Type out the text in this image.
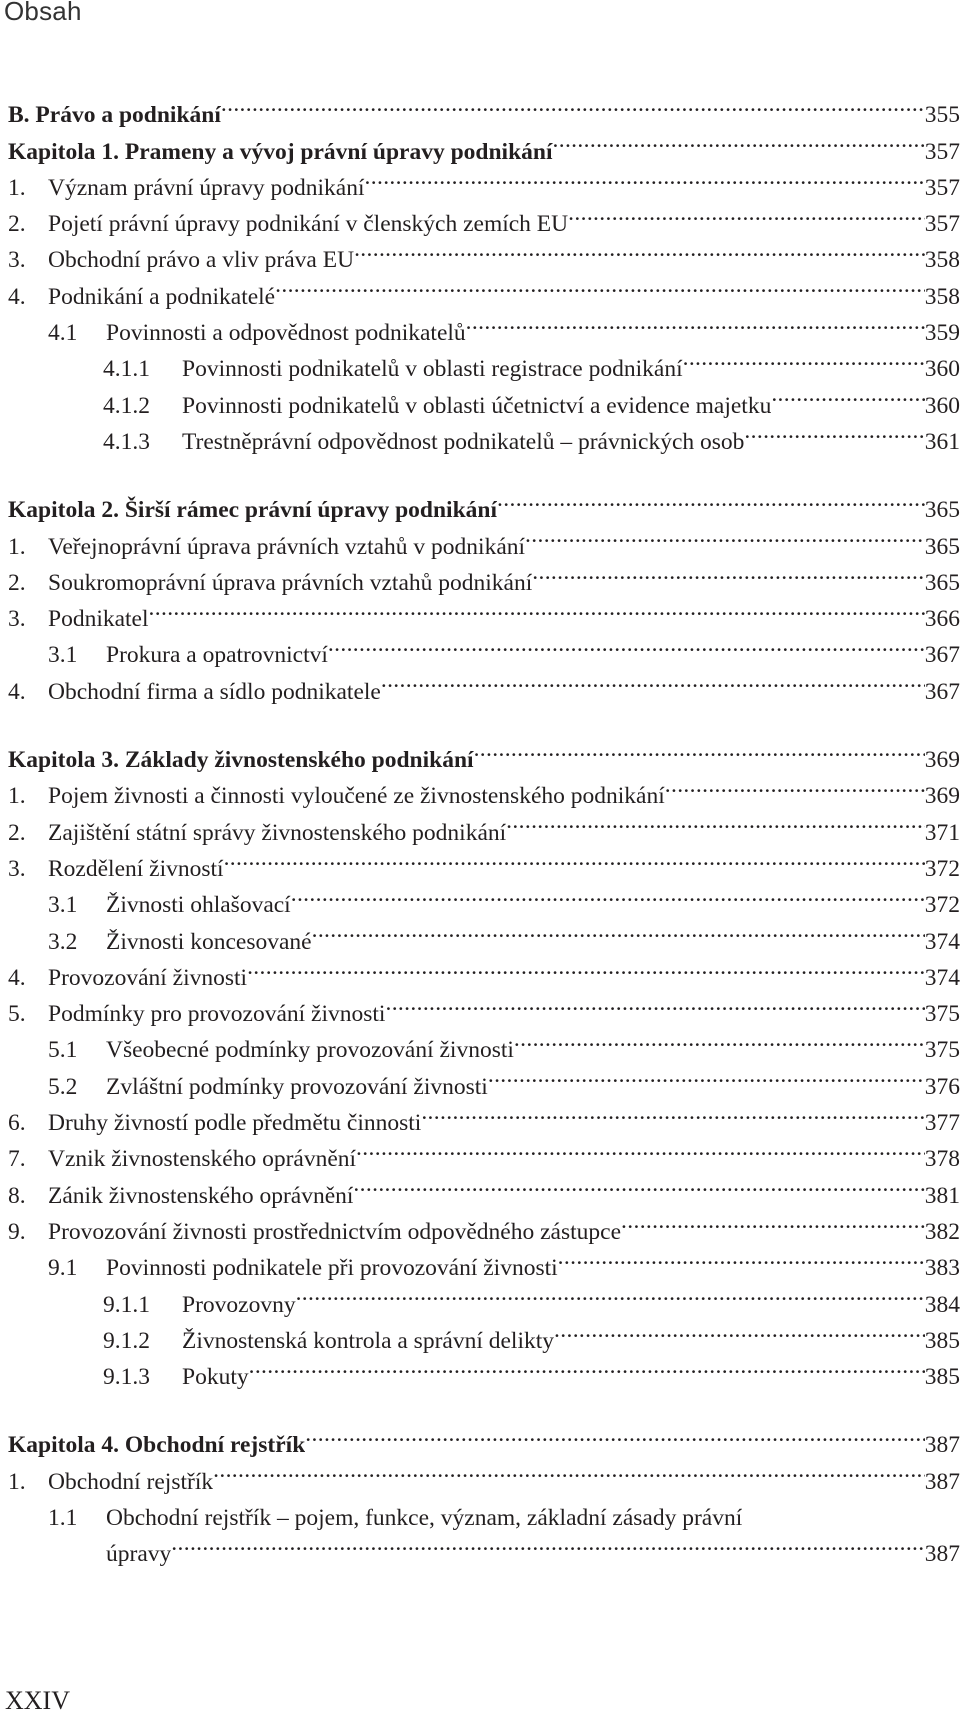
Obsah
B. Právo a podnikání .....	355
Kapitola 1. Prameny a vývoj právní úpravy podnikání .....	357
1. Význam právní úpravy podnikání .....	357
2. Pojetí právní úpravy podnikání v členských zemích EU .....	357
3. Obchodní právo a vliv práva EU .....	358
4. Podnikání a podnikatelé .....	358
4.1	Povinnosti a odpovědnost podnikatelů .....	359
4.1.1	Povinnosti podnikatelů v oblasti registrace podnikání .....	360
4.1.2	Povinnosti podnikatelů v oblasti účetnictví a evidence majetku .....	360
4.1.3	Trestněprávní odpovědnost podnikatelů – právnických osob .....	361
Kapitola 2. Širší rámec právní úpravy podnikání .....	365
1. Veřejnoprávní úprava právních vztahů v podnikání .....	365
2. Soukromoprávní úprava právních vztahů podnikání .....	365
3. Podnikatel .....	366
3.1	Prokura a opatrovnictví .....	367
4. Obchodní firma a sídlo podnikatele .....	367
Kapitola 3. Základy živnostenského podnikání .....	369
1. Pojem živnosti a činnosti vyloučené ze živnostenského podnikání .....	369
2. Zajištění státní správy živnostenského podnikání .....	371
3. Rozdělení živností .....	372
3.1	Živnosti ohlašovací .....	372
3.2	Živnosti koncesované .....	374
4. Provozování živnosti .....	374
5. Podmínky pro provozování živnosti .....	375
5.1	Všeobecné podmínky provozování živnosti .....	375
5.2	Zvláštní podmínky provozování živnosti .....	376
6. Druhy živností podle předmětu činnosti .....	377
7. Vznik živnostenského oprávnění .....	378
8. Zánik živnostenského oprávnění .....	381
9. Provozování živnosti prostřednictvím odpovědného zástupce .....	382
9.1	Povinnosti podnikatele při provozování živnosti .....	383
9.1.1	Provozovny .....	384
9.1.2	Živnostenská kontrola a správní delikty .....	385
9.1.3	Pokuty .....	385
Kapitola 4. Obchodní rejstřík .....	387
1. Obchodní rejstřík .....	387
1.1	Obchodní rejstřík – pojem, funkce, význam, základní zásady právní
úpravy .....	387
XXIV
